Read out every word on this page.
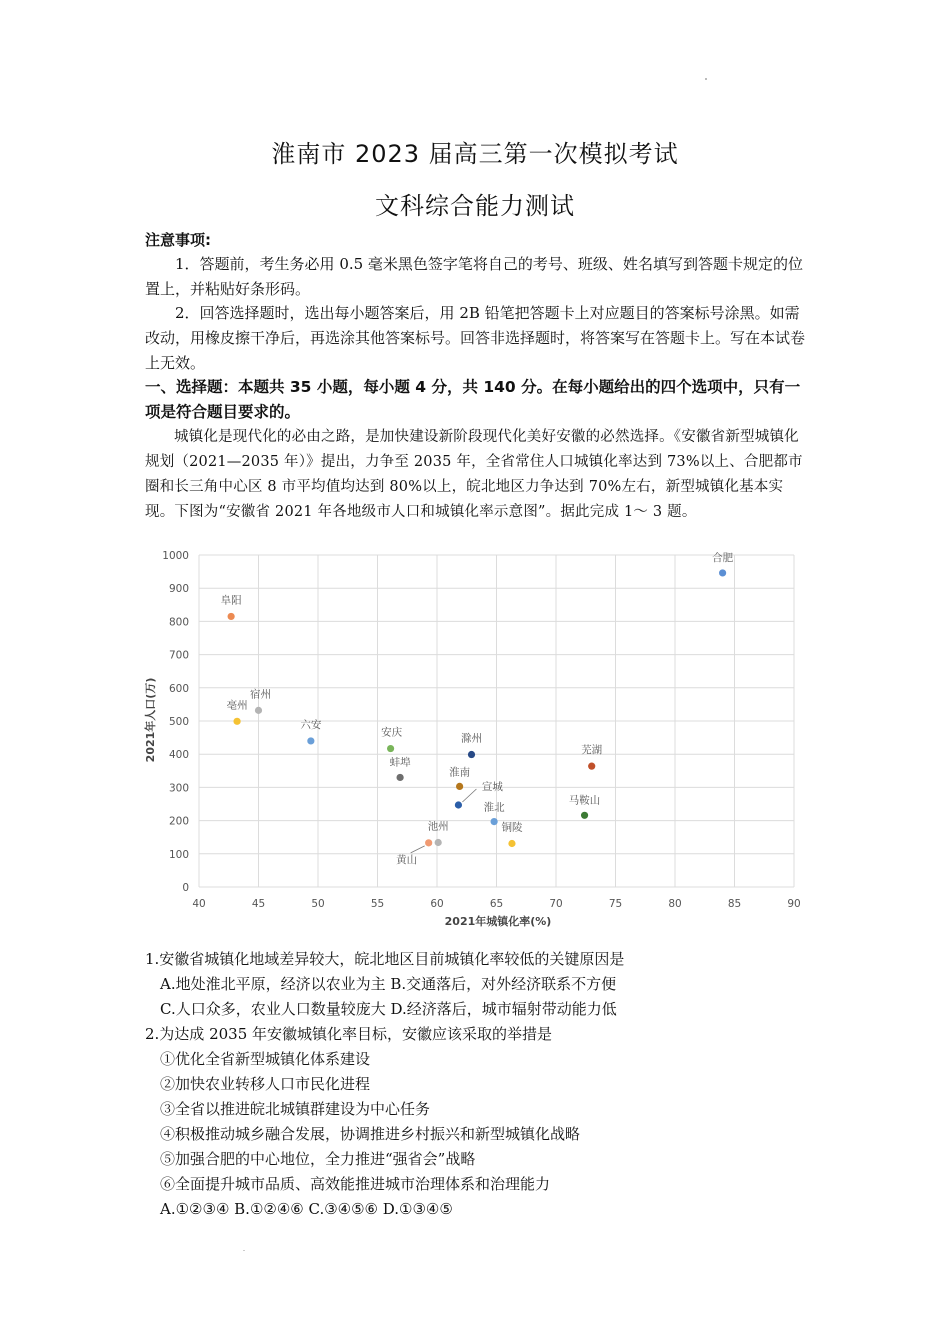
淮南市 2023 届高三第一次模拟考试
文科综合能力测试
注意事项:
1．答题前，考生务必用 0.5 毫米黑色签字笔将自己的考号、班级、姓名填写到答题卡规定的位置上，并粘贴好条形码。
2．回答选择题时，选出每小题答案后，用 2B 铅笔把答题卡上对应题目的答案标号涂黑。如需改动，用橡皮擦干净后，再选涂其他答案标号。回答非选择题时，将答案写在答题卡上。写在本试卷上无效。
一、选择题：本题共 35 小题，每小题 4 分，共 140 分。在每小题给出的四个选项中，只有一项是符合题目要求的。
城镇化是现代化的必由之路，是加快建设新阶段现代化美好安徽的必然选择。《安徽省新型城镇化规划（2021—2035 年）》提出，力争至 2035 年，全省常住人口城镇化率达到 73%以上、合肥都市圈和长三角中心区 8 市平均值均达到 80%以上，皖北地区力争达到 70%左右，新型城镇化基本实现。下图为“安徽省 2021 年各地级市人口和城镇化率示意图”。据此完成 1～ 3 题。
40	45	50	55	60	65	70	75	80	85	90
0
100
200
300
400
500
600
700
800
900
1000	合肥
阜阳
亳州
宿州
六安
安庆
蚌埠
滁州
淮南
宣城
淮北
铜陵
池州
黄山
芜湖
马鞍山
2021年城镇化率(%)
2021年人口(万)
1.安徽省城镇化地域差异较大，皖北地区目前城镇化率较低的关键原因是
A.地处淮北平原，经济以农业为主 B.交通落后，对外经济联系不方便
C.人口众多，农业人口数量较庞大 D.经济落后，城市辐射带动能力低
2.为达成 2035 年安徽城镇化率目标，安徽应该采取的举措是
①优化全省新型城镇化体系建设
②加快农业转移人口市民化进程
③全省以推进皖北城镇群建设为中心任务
④积极推动城乡融合发展，协调推进乡村振兴和新型城镇化战略
⑤加强合肥的中心地位，全力推进“强省会”战略
⑥全面提升城市品质、高效能推进城市治理体系和治理能力
A.①②③④ B.①②④⑥ C.③④⑤⑥ D.①③④⑤
